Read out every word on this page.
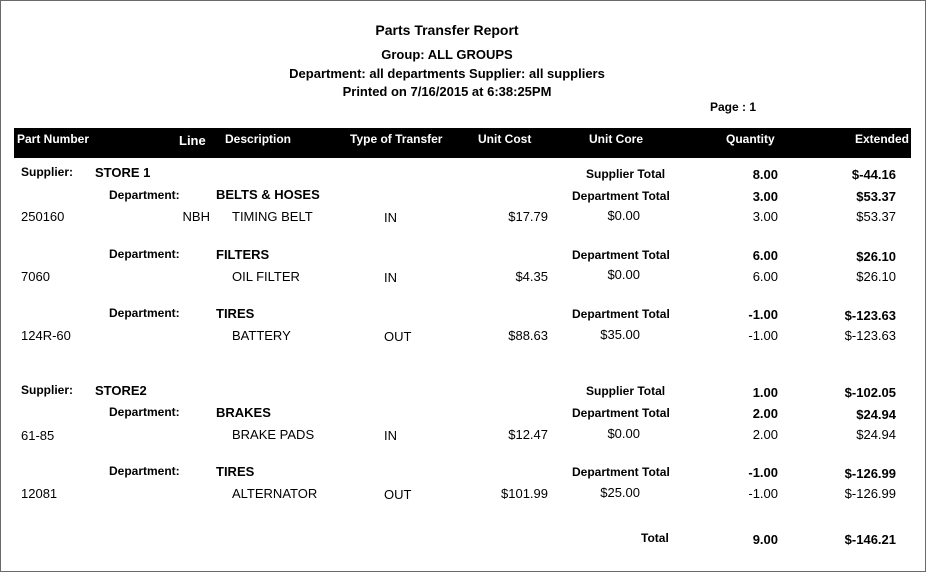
Parts Transfer Report
Group: ALL GROUPS
Department: all departments Supplier: all suppliers
Printed on 7/16/2015 at 6:38:25PM
Page : 1
Part Number	Line Description	Type of Transfer	Unit Cost	Unit Core	Quantity	Extended
Supplier: STORE 1	Supplier Total	8.00	$-44.16
Department:	BELTS & HOSES	Department Total	3.00	$53.37
250160	NBH TIMING BELT	IN	$17.79	$0.00	3.00	$53.37
Department:	FILTERS	Department Total	6.00	$26.10
7060	OIL FILTER	IN	$4.35	$0.00	6.00	$26.10
Department:	TIRES	Department Total	-1.00	$-123.63
124R-60	BATTERY	OUT	$88.63	$35.00	-1.00	$-123.63
Supplier: STORE2	Supplier Total	1.00	$-102.05
Department:	BRAKES	Department Total	2.00	$24.94
61-85	BRAKE PADS	IN	$12.47	$0.00	2.00	$24.94
Department:	TIRES	Department Total	-1.00	$-126.99
12081	ALTERNATOR	OUT	$101.99	$25.00	-1.00	$-126.99
Total	9.00	$-146.21
